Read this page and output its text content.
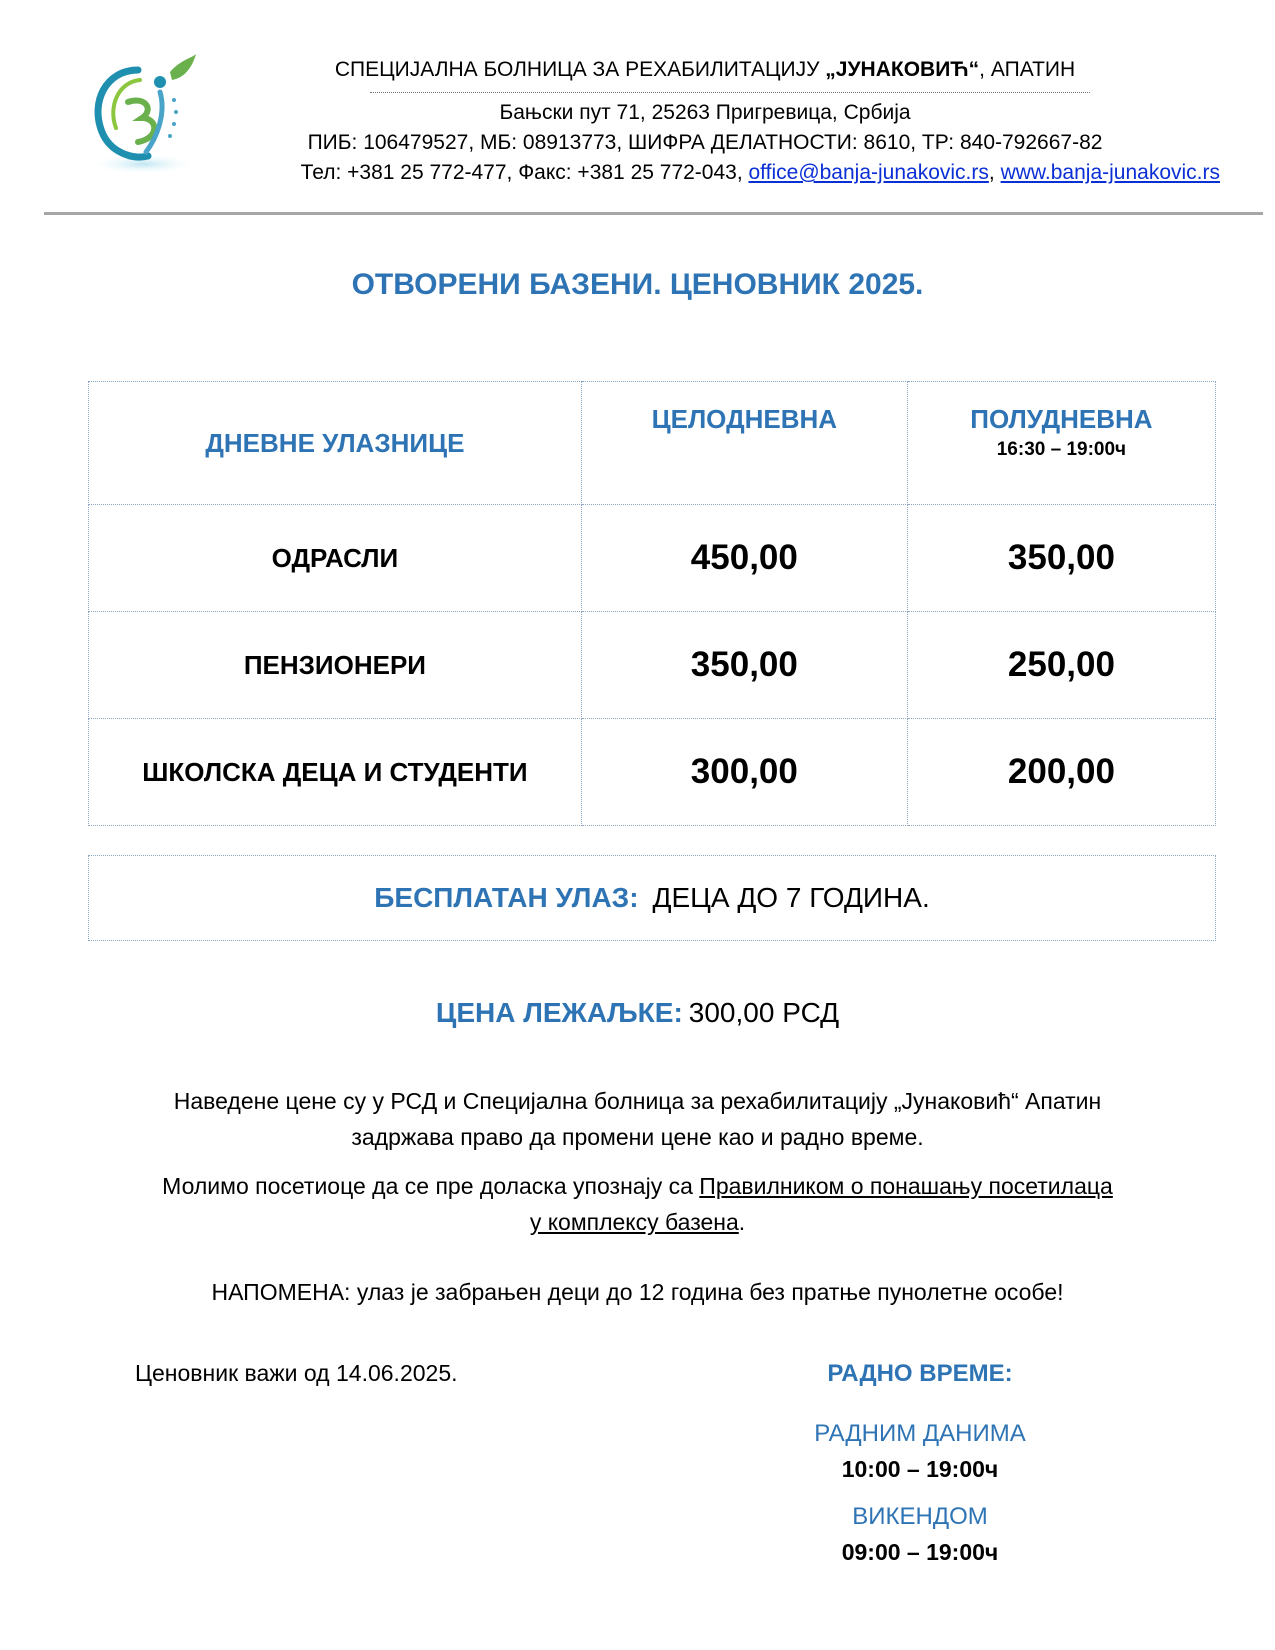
СПЕЦИЈАЛНА БОЛНИЦА ЗА РЕХАБИЛИТАЦИЈУ „ЈУНАКОВИЋ“, АПАТИН
Бањски пут 71, 25263 Пригревица, Србија
ПИБ: 106479527, МБ: 08913773, ШИФРА ДЕЛАТНОСТИ: 8610, ТР: 840-792667-82
Тел: +381 25 772-477, Факс: +381 25 772-043, office@banja-junakovic.rs, www.banja-junakovic.rs
ОТВОРЕНИ БАЗЕНИ. ЦЕНОВНИК 2025.
ДНЕВНЕ УЛАЗНИЦЕ	ЦЕЛОДНЕВНА	ПОЛУДНЕВНА
16:30 – 19:00ч

ОДРАСЛИ	450,00	350,00
ПЕНЗИОНЕРИ	350,00	250,00
ШКОЛСКА ДЕЦА И СТУДЕНТИ	300,00	200,00
БЕСПЛАТАН УЛАЗ: ДЕЦА ДО 7 ГОДИНА.
ЦЕНА ЛЕЖАЉКЕ: 300,00 РСД
Наведене цене су у РСД и Специјална болница за рехабилитацију „Јунаковић“ Апатин
задржава право да промени цене као и радно време.
Молимо посетиоце да се пре доласка упознају са Правилником о понашању посетилаца
у комплексу базена.
НАПОМЕНА: улаз је забрањен деци до 12 година без пратње пунолетне особе!
Ценовник важи од 14.06.2025.	РАДНО ВРЕМЕ:
РАДНИМ ДАНИМА
10:00 – 19:00ч
ВИКЕНДОМ
09:00 – 19:00ч
